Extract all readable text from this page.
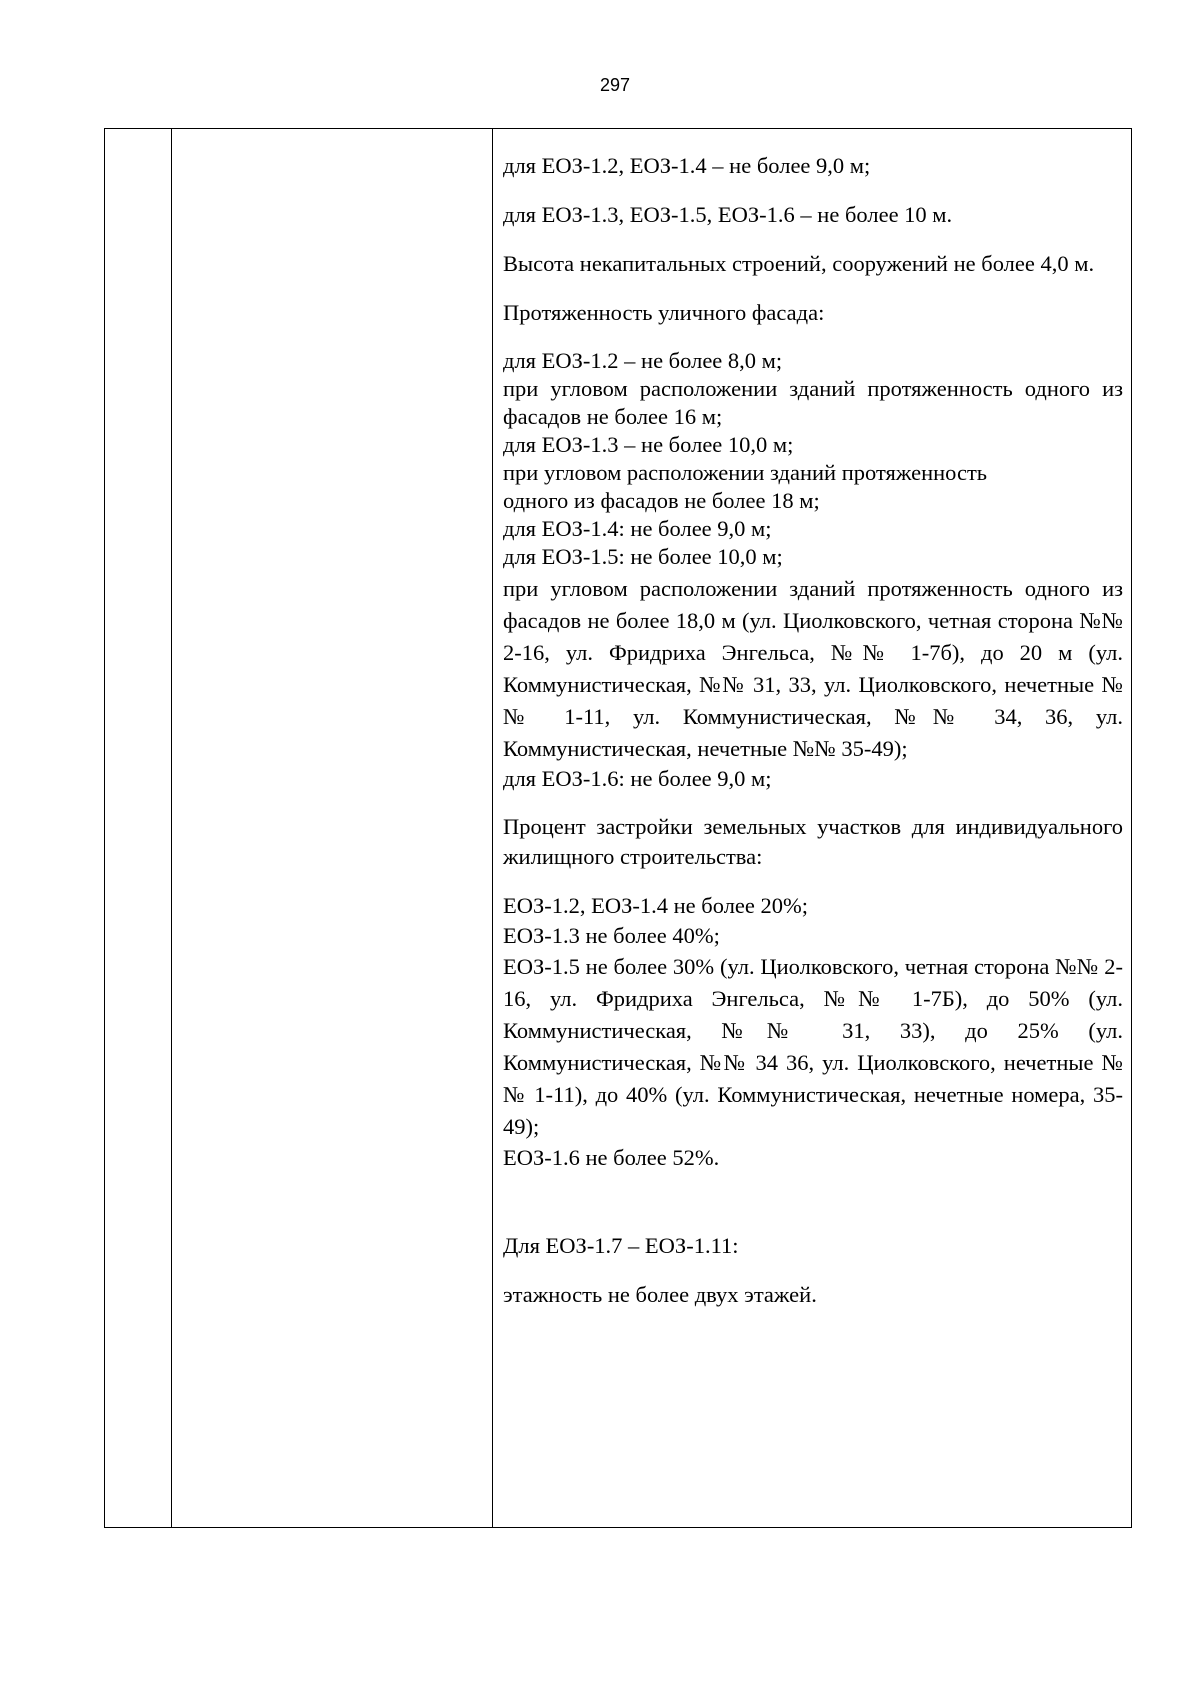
297

для ЕОЗ-1.2, ЕОЗ-1.4 – не более 9,0 м;

для ЕОЗ-1.3, ЕОЗ-1.5, ЕОЗ-1.6 – не более 10 м.

Высота некапитальных строений, сооружений не более 4,0 м.

Протяженность уличного фасада:

для ЕОЗ-1.2 – не более 8,0 м;
при угловом расположении зданий протяженность одного из фасадов не более 16 м;
для ЕОЗ-1.3 – не более 10,0 м;
при угловом расположении зданий протяженность
одного из фасадов не более 18 м;
для ЕОЗ-1.4: не более 9,0 м;
для ЕОЗ-1.5: не более 10,0 м;

при угловом расположении зданий протяженность одного из фасадов не более 18,0 м (ул. Циолковского, четная сторона №№ 2-16, ул. Фридриха Энгельса, №№ 1-7б), до 20 м (ул. Коммунистическая, №№ 31, 33, ул. Циолковского, нечетные №№ 1-11, ул. Коммунистическая, №№ 34, 36, ул. Коммунистическая, нечетные №№ 35-49);

для ЕОЗ-1.6: не более 9,0 м;

Процент застройки земельных участков для индивидуального жилищного строительства:

ЕОЗ-1.2, ЕОЗ-1.4 не более 20%;
ЕОЗ-1.3 не более 40%;

ЕОЗ-1.5 не более 30% (ул. Циолковского, четная сторона №№ 2-16, ул. Фридриха Энгельса, №№ 1-7Б), до 50% (ул. Коммунистическая, №№ 31, 33), до 25% (ул. Коммунистическая, №№ 34 36, ул. Циолковского, нечетные №№ 1-11), до 40% (ул. Коммунистическая, нечетные номера, 35-49);

ЕОЗ-1.6 не более 52%.

Для ЕОЗ-1.7 – ЕОЗ-1.11:

этажность не более двух этажей.
